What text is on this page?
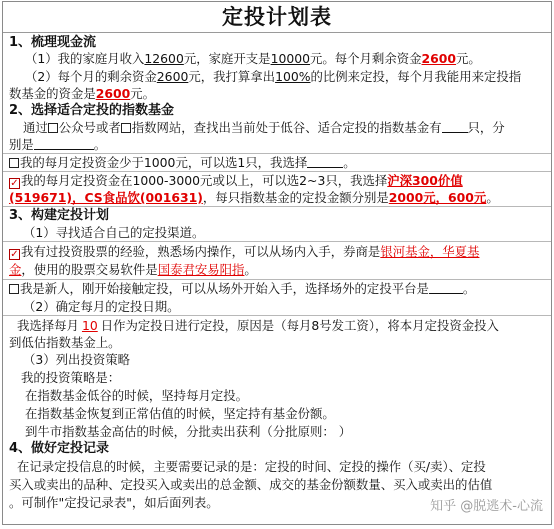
定投计划表
1、梳理现金流
（1）我的家庭月收入12600元，家庭开支是10000元。每个月剩余资金2600元。
（2）每个月的剩余资金2600元，我打算拿出100%的比例来定投，每个月我能用来定投指
数基金的资金是2600元。
2、选择适合定投的指数基金
通过 公众号或者 指数网站，查找出当前处于低谷、适合定投的指数基金有 只，分
别是	。
我的每月定投资金少于1000元，可以选1只，我选择	。
✓ 我的每月定投资金在1000-3000元或以上，可以选2~3只，我选择沪深300价值
(519671)，CS食品饮(001631)，每只指数基金的定投金额分别是2000元，600元。
3、构建定投计划
（1）寻找适合自己的定投渠道。
✓ 我有过投资股票的经验，熟悉场内操作，可以从场内入手，券商是银河基金，华夏基
金，使用的股票交易软件是国泰君安易阳指。
我是新人，刚开始接触定投，可以从场外开始入手，选择场外的定投平台是	。
（2）确定每月的定投日期。
我选择每月 10 日作为定投日进行定投，原因是（每月8号发工资），将本月定投资金投入
到低估指数基金上。
（3）列出投资策略
我的投资策略是：
在指数基金低谷的时候，坚持每月定投。
在指数基金恢复到正常估值的时候，坚定持有基金份额。
到牛市指数基金高估的时候，分批卖出获利（分批原则： ）
4、做好定投记录
在记录定投信息的时候，主要需要记录的是：定投的时间、定投的操作（买/卖）、定投
买入或卖出的品种、定投买入或卖出的总金额、成交的基金份额数量、买入或卖出的估值
。可制作"定投记录表"，如后面列表。	知乎 @脱逃术-心流
